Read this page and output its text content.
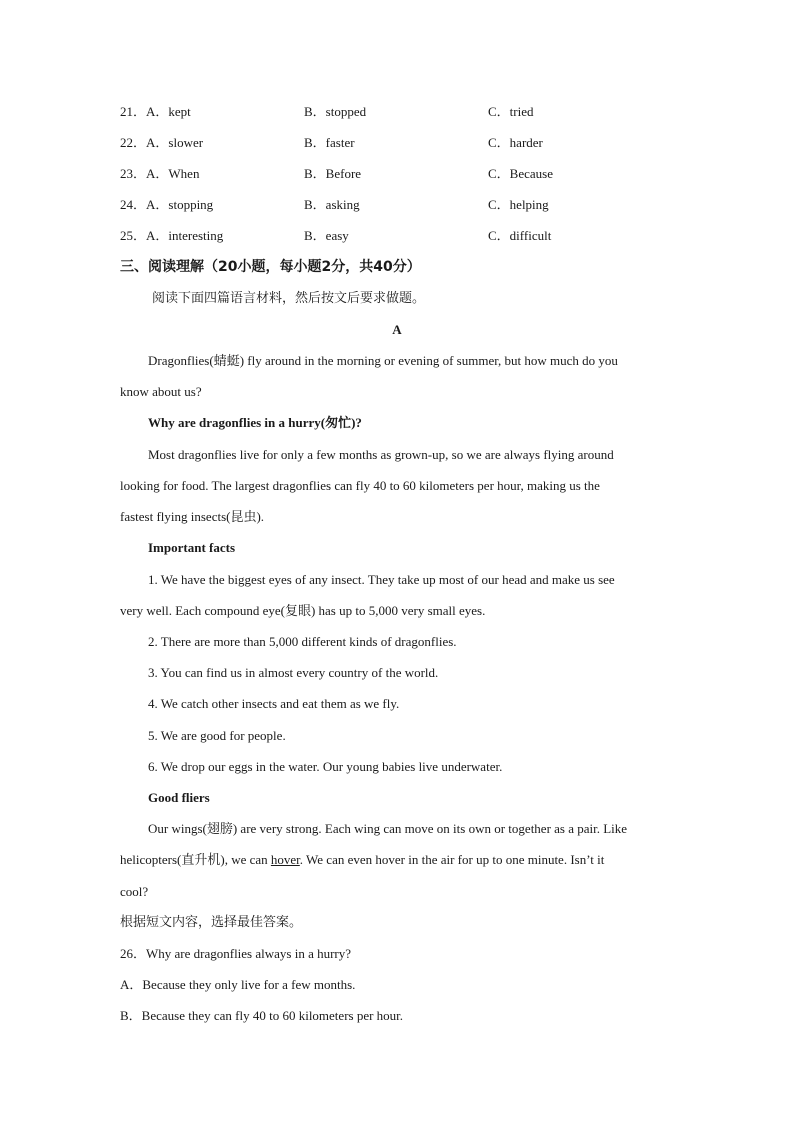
21．A．kept	B．stopped	C．tried
22．A．slower	B．faster	C．harder
23．A．When	B．Before	C．Because
24．A．stopping	B．asking	C．helping
25．A．interesting	B．easy	C．difficult
三、阅读理解（20小题，每小题2分，共40分）
阅读下面四篇语言材料，然后按文后要求做题。
A
Dragonflies(蜻蜓) fly around in the morning or evening of summer, but how much do you
know about us?
Why are dragonflies in a hurry(匆忙)?
Most dragonflies live for only a few months as grown-up, so we are always flying around
looking for food. The largest dragonflies can fly 40 to 60 kilometers per hour, making us the
fastest flying insects(昆虫).
Important facts
1. We have the biggest eyes of any insect. They take up most of our head and make us see
very well. Each compound eye(复眼) has up to 5,000 very small eyes.
2. There are more than 5,000 different kinds of dragonflies.
3. You can find us in almost every country of the world.
4. We catch other insects and eat them as we fly.
5. We are good for people.
6. We drop our eggs in the water. Our young babies live underwater.
Good fliers
Our wings(翅膀) are very strong. Each wing can move on its own or together as a pair. Like
helicopters(直升机), we can hover. We can even hover in the air for up to one minute. Isn’t it
cool?
根据短文内容，选择最佳答案。
26．Why are dragonflies always in a hurry?
A．Because they only live for a few months.
B．Because they can fly 40 to 60 kilometers per hour.
